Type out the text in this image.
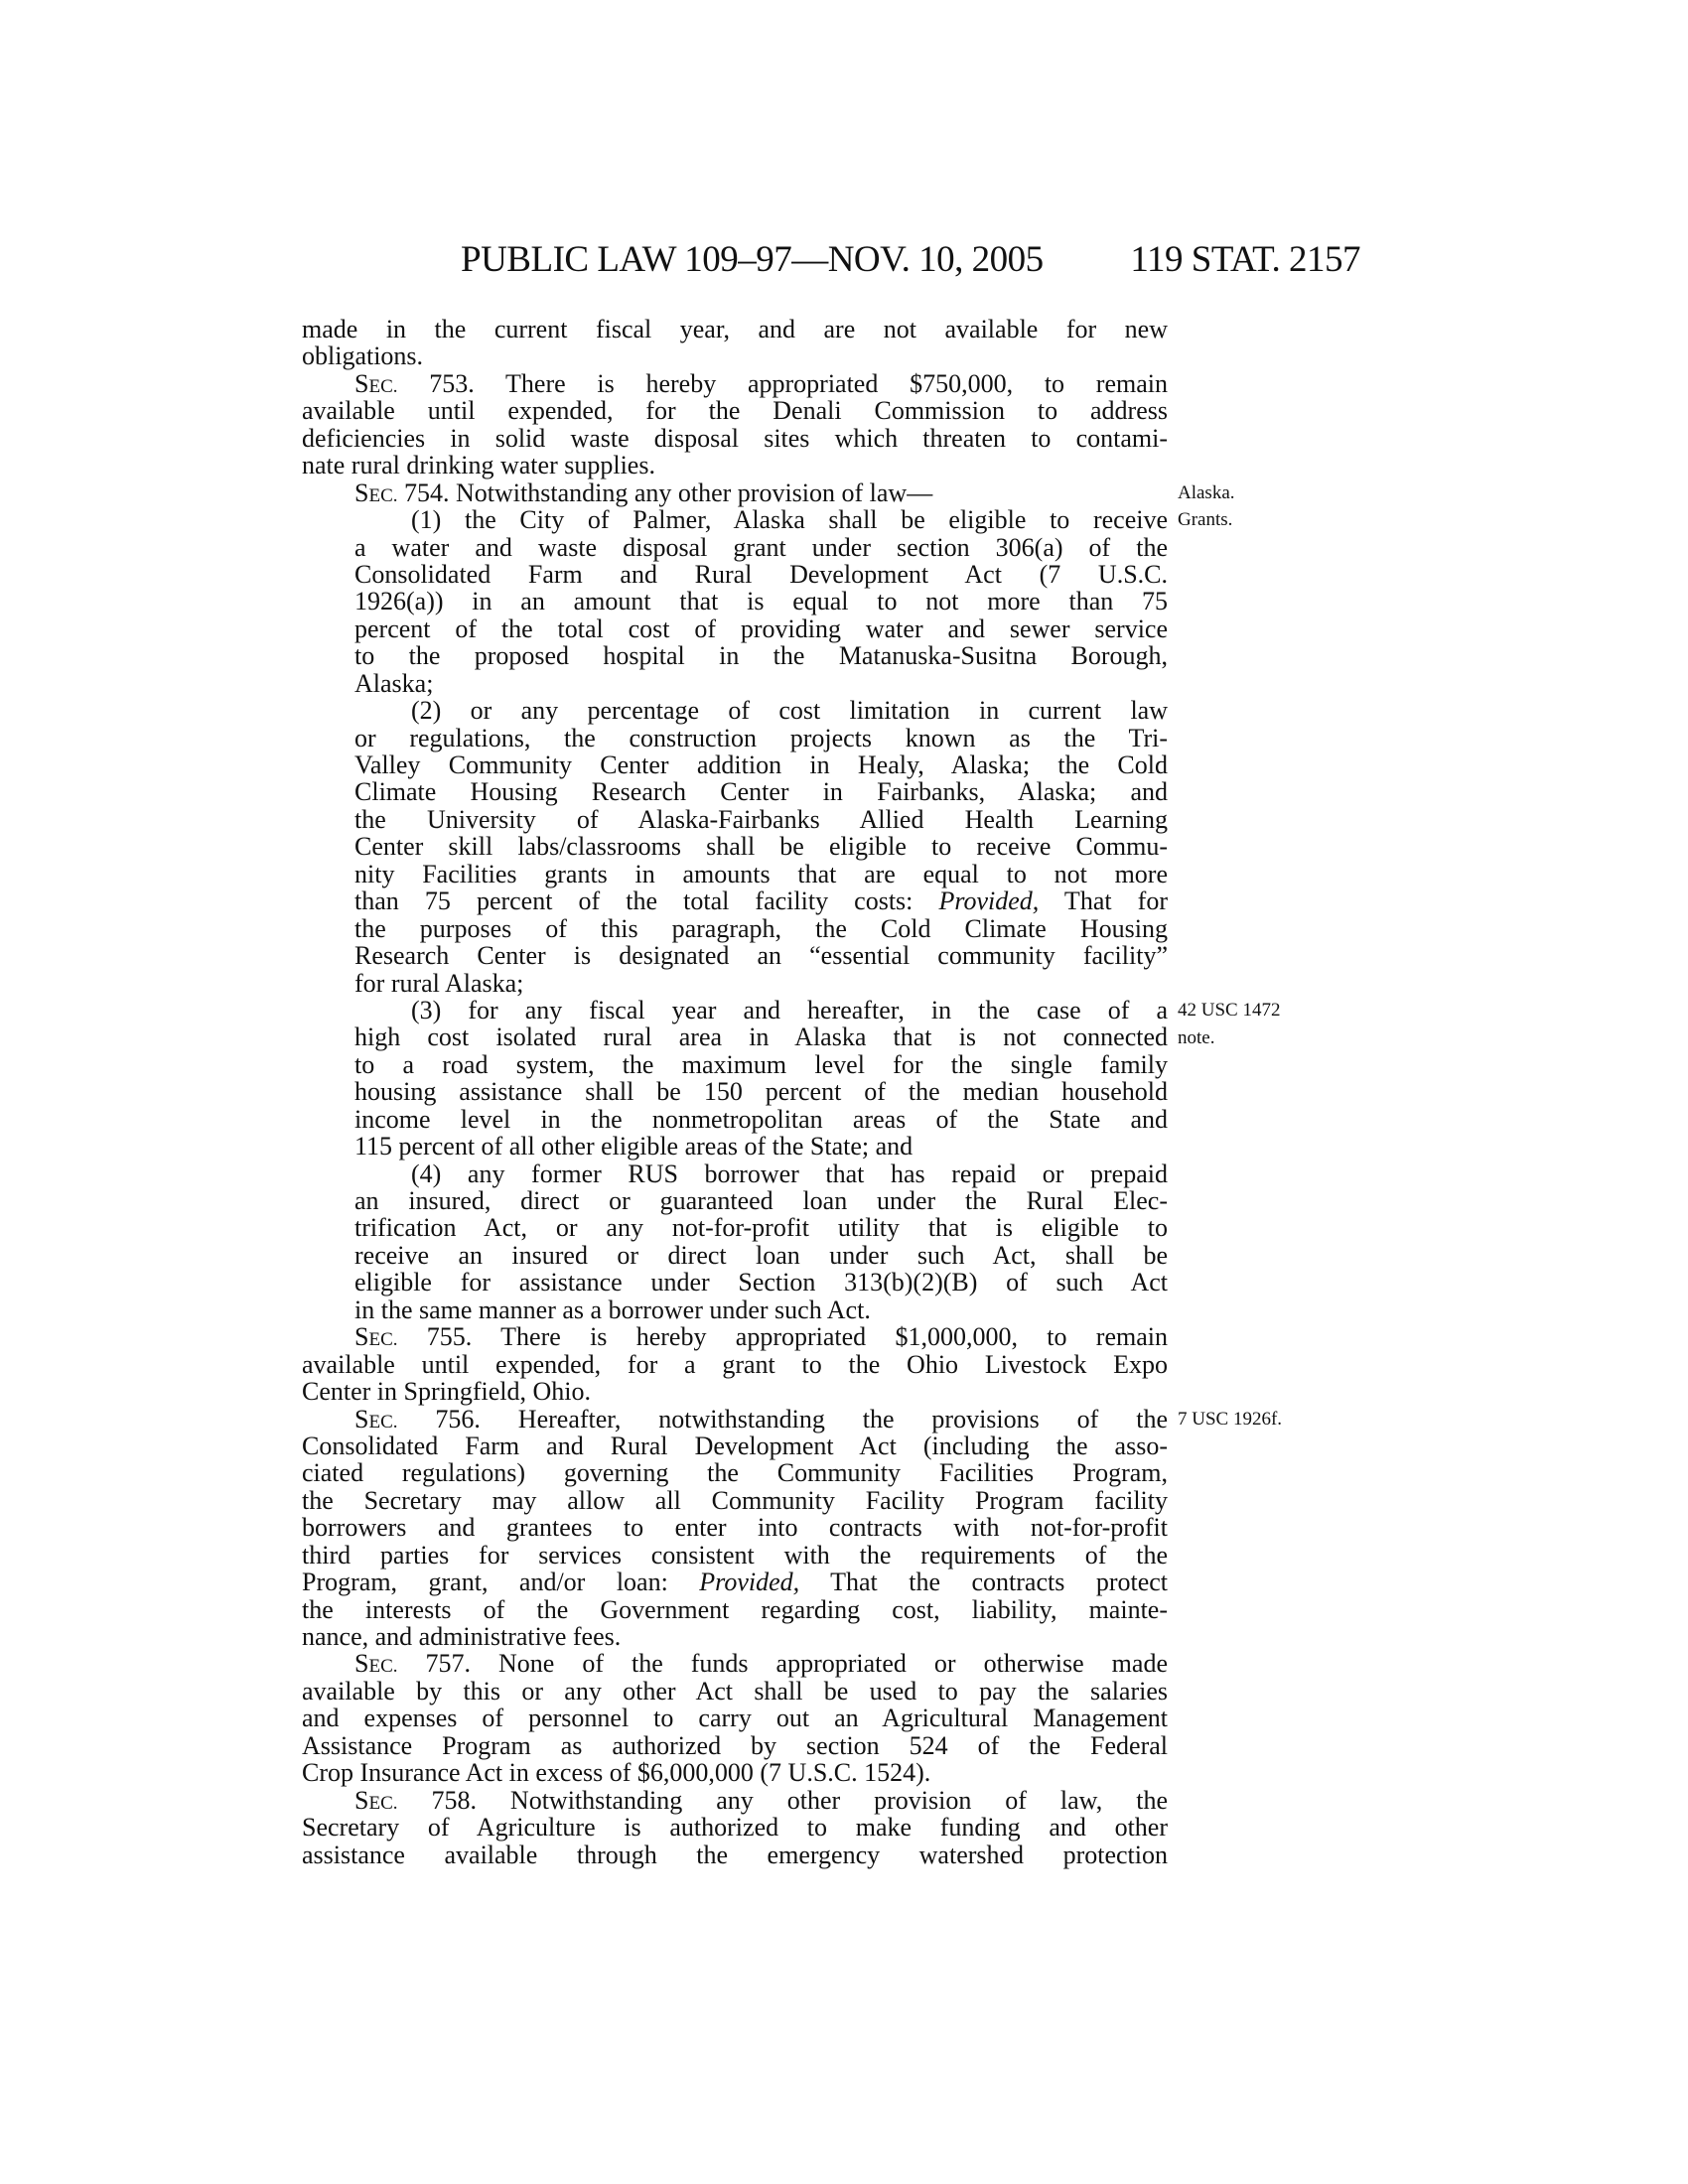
PUBLIC LAW 109–97—NOV. 10, 2005 119 STAT. 2157
made in the current fiscal year, and are not available for new
obligations.
SEC. 753. There is hereby appropriated $750,000, to remain
available until expended, for the Denali Commission to address
deficiencies in solid waste disposal sites which threaten to contami-
nate rural drinking water supplies.
SEC. 754. Notwithstanding any other provision of law—
(1) the City of Palmer, Alaska shall be eligible to receive
a water and waste disposal grant under section 306(a) of the
Consolidated Farm and Rural Development Act (7 U.S.C.
1926(a)) in an amount that is equal to not more than 75
percent of the total cost of providing water and sewer service
to the proposed hospital in the Matanuska-Susitna Borough,
Alaska;
(2) or any percentage of cost limitation in current law
or regulations, the construction projects known as the Tri-
Valley Community Center addition in Healy, Alaska; the Cold
Climate Housing Research Center in Fairbanks, Alaska; and
the University of Alaska-Fairbanks Allied Health Learning
Center skill labs/classrooms shall be eligible to receive Commu-
nity Facilities grants in amounts that are equal to not more
than 75 percent of the total facility costs: Provided, That for
the purposes of this paragraph, the Cold Climate Housing
Research Center is designated an “essential community facility”
for rural Alaska;
(3) for any fiscal year and hereafter, in the case of a
high cost isolated rural area in Alaska that is not connected
to a road system, the maximum level for the single family
housing assistance shall be 150 percent of the median household
income level in the nonmetropolitan areas of the State and
115 percent of all other eligible areas of the State; and
(4) any former RUS borrower that has repaid or prepaid
an insured, direct or guaranteed loan under the Rural Elec-
trification Act, or any not-for-profit utility that is eligible to
receive an insured or direct loan under such Act, shall be
eligible for assistance under Section 313(b)(2)(B) of such Act
in the same manner as a borrower under such Act.
SEC. 755. There is hereby appropriated $1,000,000, to remain
available until expended, for a grant to the Ohio Livestock Expo
Center in Springfield, Ohio.
SEC. 756. Hereafter, notwithstanding the provisions of the
Consolidated Farm and Rural Development Act (including the asso-
ciated regulations) governing the Community Facilities Program,
the Secretary may allow all Community Facility Program facility
borrowers and grantees to enter into contracts with not-for-profit
third parties for services consistent with the requirements of the
Program, grant, and/or loan: Provided, That the contracts protect
the interests of the Government regarding cost, liability, mainte-
nance, and administrative fees.
SEC. 757. None of the funds appropriated or otherwise made
available by this or any other Act shall be used to pay the salaries
and expenses of personnel to carry out an Agricultural Management
Assistance Program as authorized by section 524 of the Federal
Crop Insurance Act in excess of $6,000,000 (7 U.S.C. 1524).
SEC. 758. Notwithstanding any other provision of law, the
Secretary of Agriculture is authorized to make funding and other
assistance available through the emergency watershed protection
Alaska.
Grants.
42 USC 1472
note.
7 USC 1926f.
